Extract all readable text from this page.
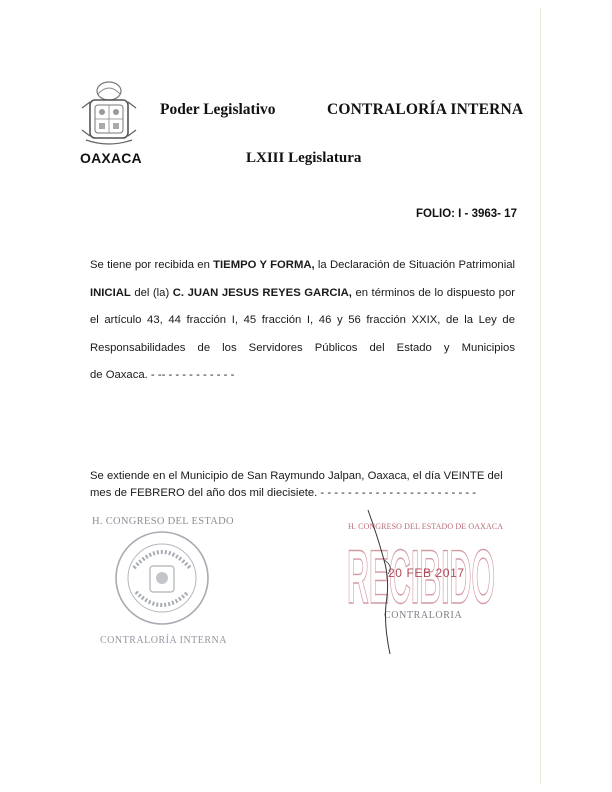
OAXACA
Poder Legislativo	CONTRALORÍA INTERNA
LXIII Legislatura
FOLIO: I - 3963- 17
Se tiene por recibida en TIEMPO Y FORMA, la Declaración de Situación Patrimonial INICIAL del (la) C. JUAN JESUS REYES GARCIA, en términos de lo dispuesto por el artículo 43, 44 fracción I, 45 fracción I, 46 y 56 fracción XXIX, de la Ley de Responsabilidades de los Servidores Públicos del Estado y Municipios
de Oaxaca. - -- - - - - - - - - - -
Se extiende en el Municipio de San Raymundo Jalpan, Oaxaca, el día VEINTE del mes de FEBRERO del año dos mil diecisiete. - - - - - - - - - - - - - - - - - - - - - - -
H. CONGRESO DEL ESTADO
CONTRALORÍA INTERNA
H. CONGRESO DEL ESTADO DE OAXACA
RECIBIDO
20 FEB 2017
CONTRALORIA
